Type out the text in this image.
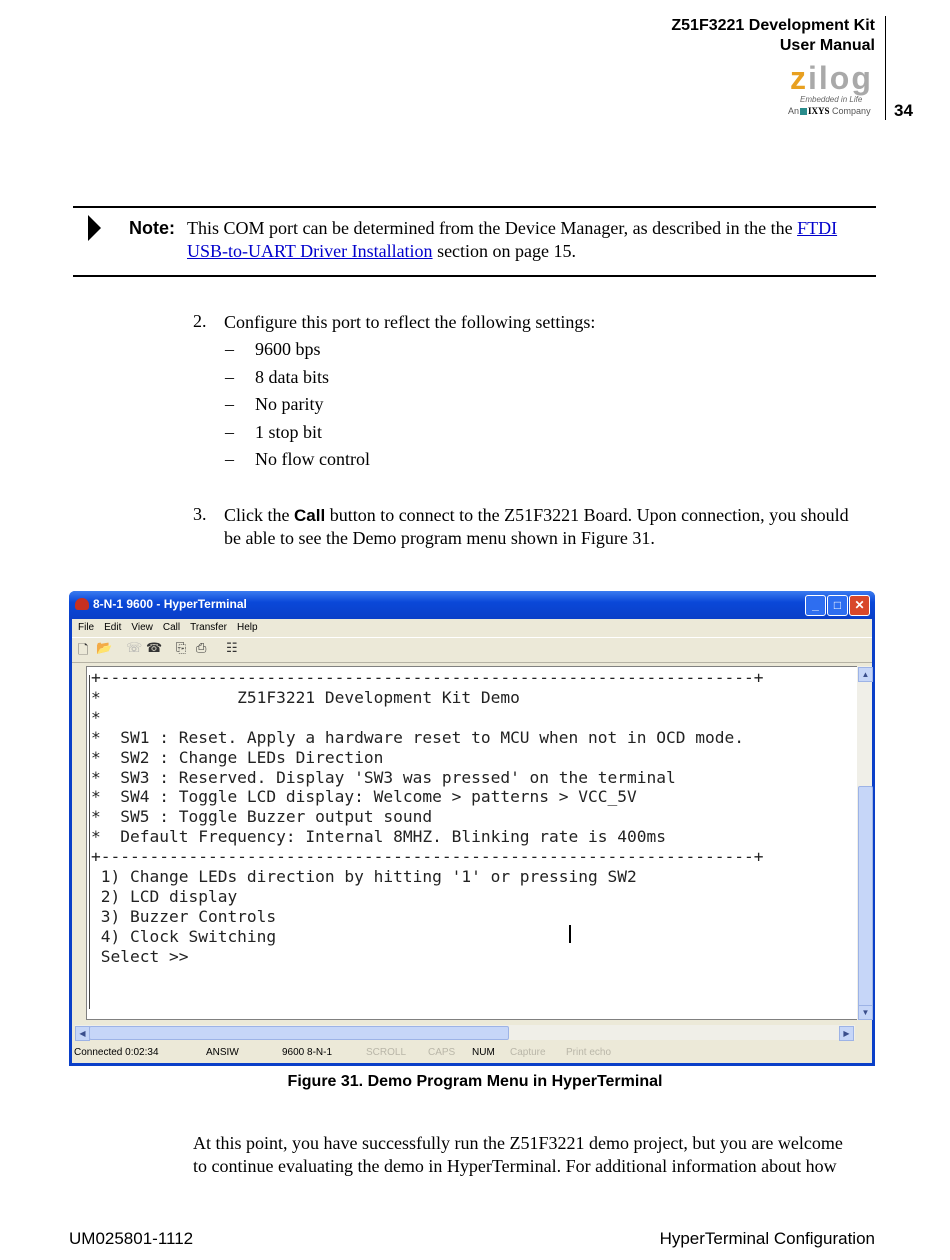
Z51F3221 Development Kit
User Manual
34
zilog
Embedded in Life
An IXYS Company
Note: This COM port can be determined from the Device Manager, as described in the the FTDI
USB-to-UART Driver Installation section on page 15.
2. Configure this port to reflect the following settings:
– 9600 bps
– 8 data bits
– No parity
– 1 stop bit
– No flow control
3. Click the Call button to connect to the Z51F3221 Board. Upon connection, you should
be able to see the Demo program menu shown in Figure 31.
8-N-1 9600 - HyperTerminal	_	□	✕
File Edit View Call Transfer Help
🗋 📂 ☏ ☎ ⎘ ⎙ ☷
+-------------------------------------------------------------------+
*              Z51F3221 Development Kit Demo
*
*  SW1 : Reset. Apply a hardware reset to MCU when not in OCD mode.
*  SW2 : Change LEDs Direction
*  SW3 : Reserved. Display 'SW3 was pressed' on the terminal
*  SW4 : Toggle LCD display: Welcome > patterns > VCC_5V
*  SW5 : Toggle Buzzer output sound
*  Default Frequency: Internal 8MHZ. Blinking rate is 400ms
+-------------------------------------------------------------------+
1) Change LEDs direction by hitting '1' or pressing SW2
2) LCD display
3) Buzzer Controls
4) Clock Switching
Select >>
▲
▼
◀	▶
Connected 0:02:34	ANSIW	9600 8-N-1	SCROLL CAPS NUM Capture Print echo
Figure 31. Demo Program Menu in HyperTerminal
At this point, you have successfully run the Z51F3221 demo project, but you are welcome
to continue evaluating the demo in HyperTerminal. For additional information about how
UM025801-1112	HyperTerminal Configuration
